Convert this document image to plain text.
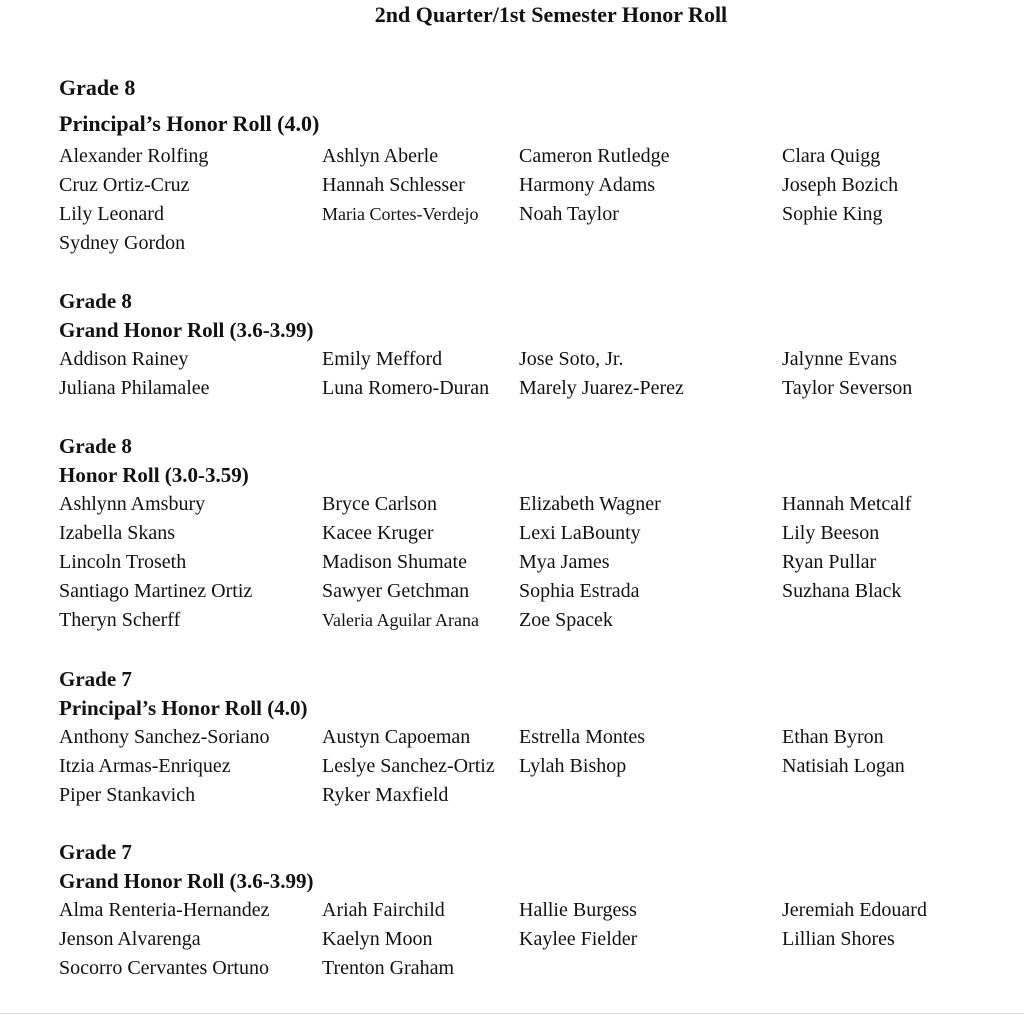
2nd Quarter/1st Semester Honor Roll
Grade 8
Principal’s Honor Roll (4.0)
Alexander Rolfing	Ashlyn Aberle	Cameron Rutledge	Clara Quigg
Cruz Ortiz-Cruz	Hannah Schlesser	Harmony Adams	Joseph Bozich
Lily Leonard	Maria Cortes-Verdejo	Noah Taylor	Sophie King
Sydney Gordon
Grade 8
Grand Honor Roll (3.6-3.99)
Addison Rainey	Emily Mefford	Jose Soto, Jr.	Jalynne Evans
Juliana Philamalee	Luna Romero-Duran	Marely Juarez-Perez	Taylor Severson
Grade 8
Honor Roll (3.0-3.59)
Ashlynn Amsbury	Bryce Carlson	Elizabeth Wagner	Hannah Metcalf
Izabella Skans	Kacee Kruger	Lexi LaBounty	Lily Beeson
Lincoln Troseth	Madison Shumate	Mya James	Ryan Pullar
Santiago Martinez Ortiz	Sawyer Getchman	Sophia Estrada	Suzhana Black
Theryn Scherff	Valeria Aguilar Arana	Zoe Spacek
Grade 7
Principal’s Honor Roll (4.0)
Anthony Sanchez-Soriano	Austyn Capoeman	Estrella Montes	Ethan Byron
Itzia Armas-Enriquez	Leslye Sanchez-Ortiz	Lylah Bishop	Natisiah Logan
Piper Stankavich	Ryker Maxfield
Grade 7
Grand Honor Roll (3.6-3.99)
Alma Renteria-Hernandez	Ariah Fairchild	Hallie Burgess	Jeremiah Edouard
Jenson Alvarenga	Kaelyn Moon	Kaylee Fielder	Lillian Shores
Socorro Cervantes Ortuno	Trenton Graham
